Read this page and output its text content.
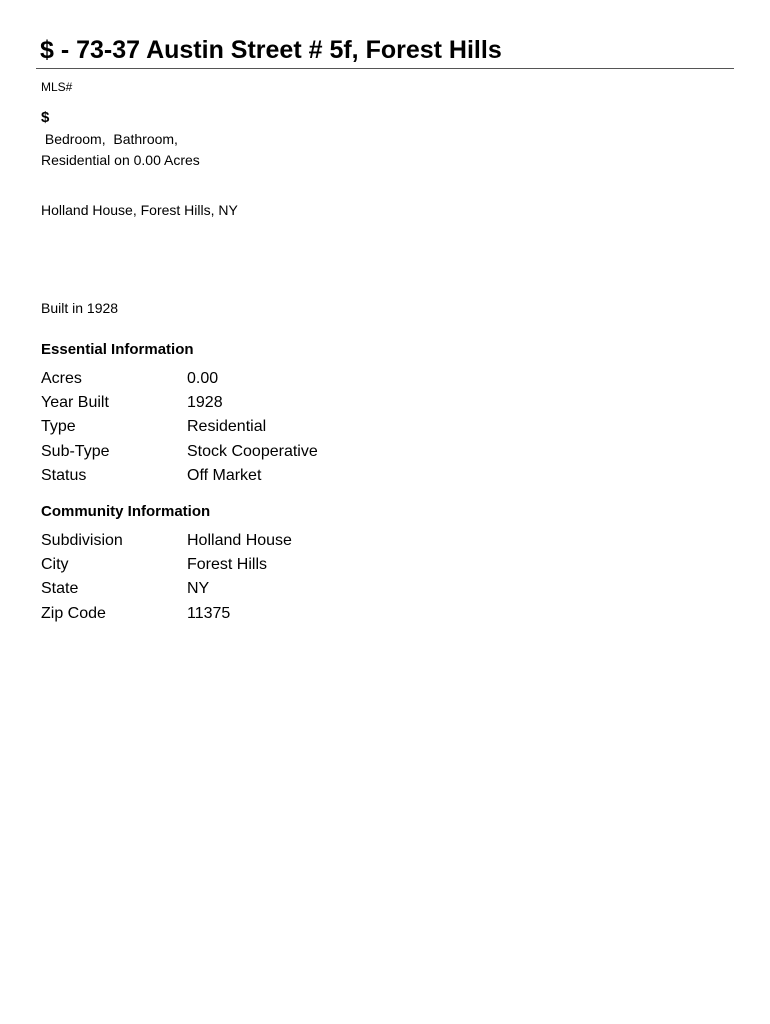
$ - 73-37 Austin Street # 5f, Forest Hills
MLS#
$
Bedroom,  Bathroom,
Residential on 0.00 Acres
Holland House, Forest Hills, NY
Built in 1928
Essential Information
Acres	0.00
Year Built	1928
Type	Residential
Sub-Type	Stock Cooperative
Status	Off Market
Community Information
Subdivision	Holland House
City	Forest Hills
State	NY
Zip Code	11375
